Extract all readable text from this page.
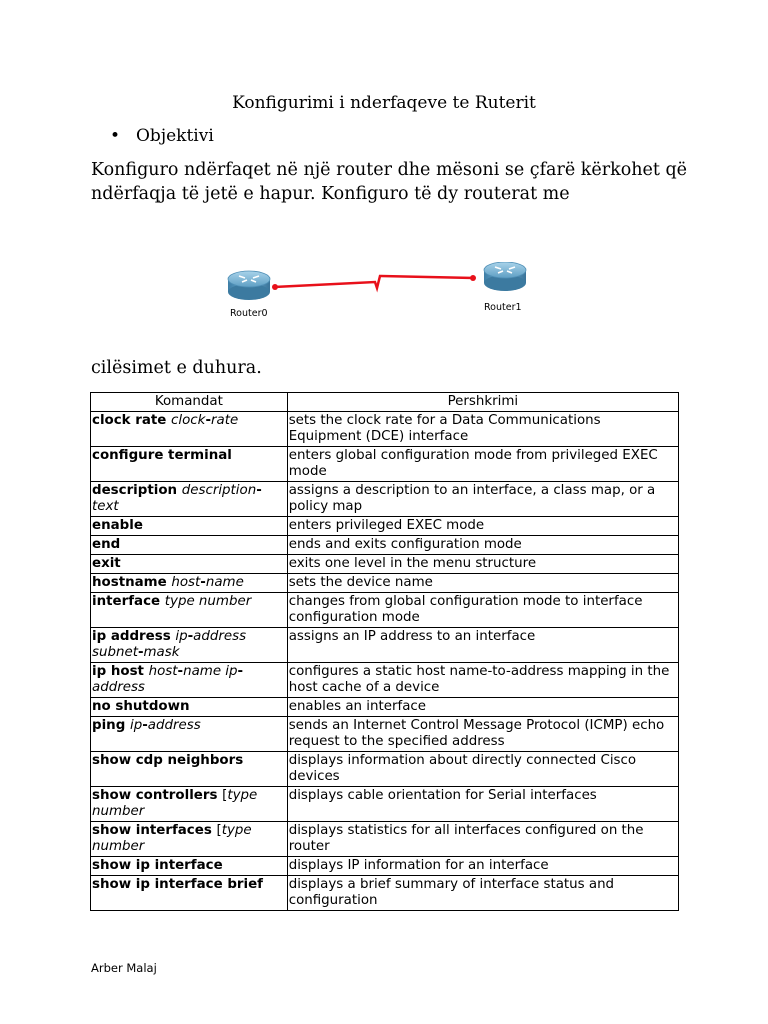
Konfigurimi i nderfaqeve te Ruterit
• Objektivi
Konfiguro ndërfaqet në një router dhe mësoni se çfarë kërkohet që ndërfaqja të jetë e hapur. Konfiguro të dy routerat me
Router0
Router1
cilësimet e duhura.
Komandat	Pershkrimi
clock rate clock-rate	sets the clock rate for a Data Communications Equipment (DCE) interface
configure terminal	enters global configuration mode from privileged EXEC mode
description description-text	assigns a description to an interface, a class map, or a policy map
enable	enters privileged EXEC mode
end	ends and exits configuration mode
exit	exits one level in the menu structure
hostname host-name	sets the device name
interface type number	changes from global configuration mode to interface configuration mode
ip address ip-address subnet-mask	assigns an IP address to an interface
ip host host-name ip-address	configures a static host name-to-address mapping in the host cache of a device
no shutdown	enables an interface
ping ip-address	sends an Internet Control Message Protocol (ICMP) echo request to the specified address
show cdp neighbors	displays information about directly connected Cisco devices
show controllers [type number	displays cable orientation for Serial interfaces
show interfaces [type number	displays statistics for all interfaces configured on the router
show ip interface	displays IP information for an interface
show ip interface brief	displays a brief summary of interface status and configuration
Arber Malaj
